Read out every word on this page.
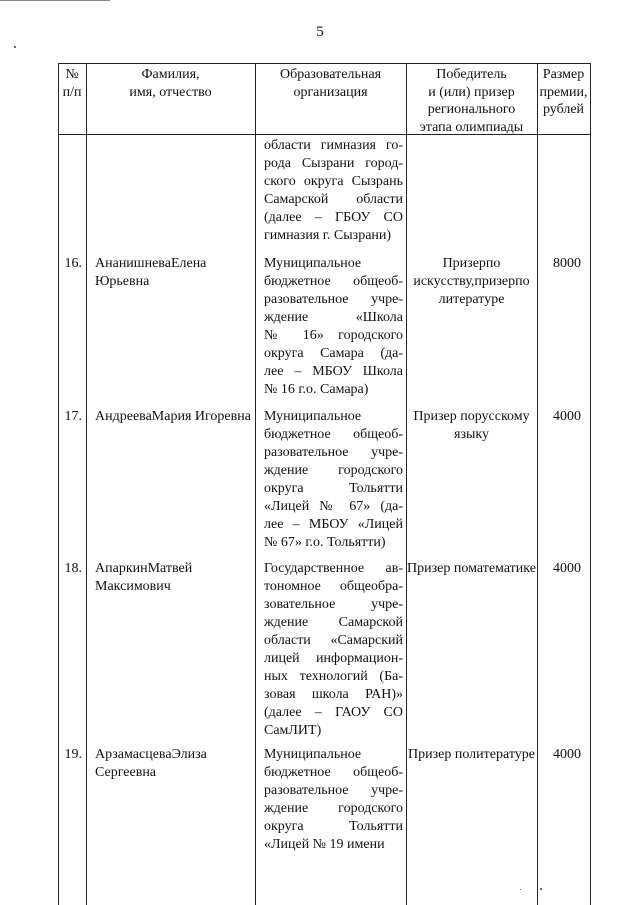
5
№
п/п
Фамилия,
имя, отчество
Образовательная
организация
Победитель
и (или) призер
регионального
этапа олимпиады
Размер
премии,
рублей
области гимназия го-
рода Сызрани город-
ского округа Сызрань
Самарской области
(далее – ГБОУ СО
гимназия г. Сызрани)
16. АнанишневаЕлена Юрьевна
Муниципальное
бюджетное общеоб-
разовательное учре-
ждение «Школа
№ 16» городского
округа Самара (да-
лее – МБОУ Школа
№ 16 г.о. Самара)
Призерпо искусству,призерпо литературе
8000
17. АндрееваМария Игоревна Муниципальное
бюджетное общеоб-
разовательное учре-
ждение городского
округа Тольятти
«Лицей № 67» (да-
лее – МБОУ «Лицей
№ 67» г.о. Тольятти)
Призер порусскому языку
4000
18. АпаркинМатвей Максимович
Государственное ав-
тономное общеобра-
зовательное учре-
ждение Самарской
области «Самарский
лицей информацион-
ных технологий (Ба-
зовая школа РАН)»
(далее – ГАОУ СО
СамЛИТ)
Призер поматематике	4000
19. АрзамасцеваЭлиза Сергеевна
Муниципальное
бюджетное общеоб-
разовательное учре-
ждение городского
округа Тольятти
«Лицей № 19 имени
Призер политературе	4000
